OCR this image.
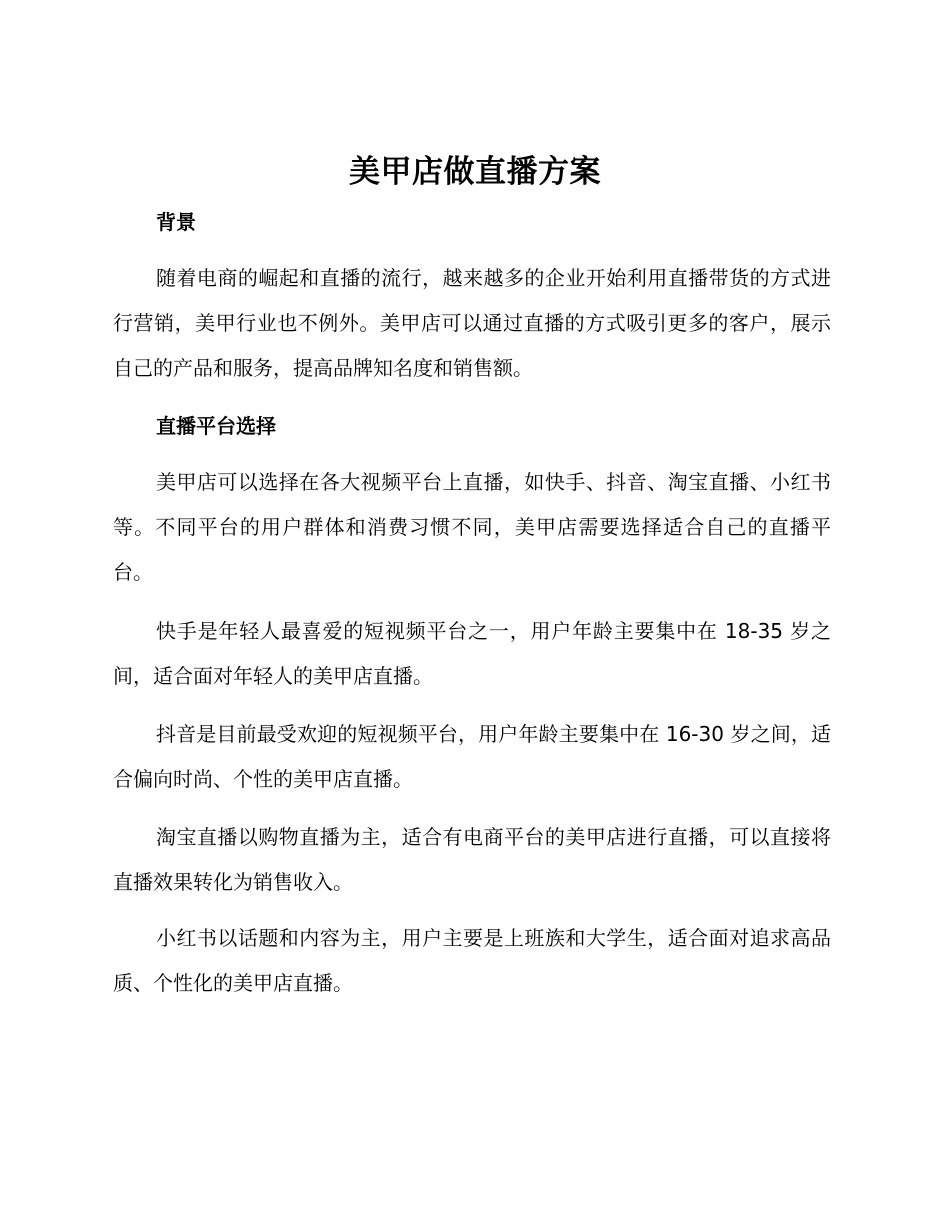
美甲店做直播方案
背景
随着电商的崛起和直播的流行，越来越多的企业开始利用直播带货的方式进行营销，美甲行业也不例外。美甲店可以通过直播的方式吸引更多的客户，展示自己的产品和服务，提高品牌知名度和销售额。
直播平台选择
美甲店可以选择在各大视频平台上直播，如快手、抖音、淘宝直播、小红书等。不同平台的用户群体和消费习惯不同，美甲店需要选择适合自己的直播平台。
快手是年轻人最喜爱的短视频平台之一，用户年龄主要集中在 18-35 岁之间，适合面对年轻人的美甲店直播。
抖音是目前最受欢迎的短视频平台，用户年龄主要集中在 16-30 岁之间，适合偏向时尚、个性的美甲店直播。
淘宝直播以购物直播为主，适合有电商平台的美甲店进行直播，可以直接将直播效果转化为销售收入。
小红书以话题和内容为主，用户主要是上班族和大学生，适合面对追求高品质、个性化的美甲店直播。
